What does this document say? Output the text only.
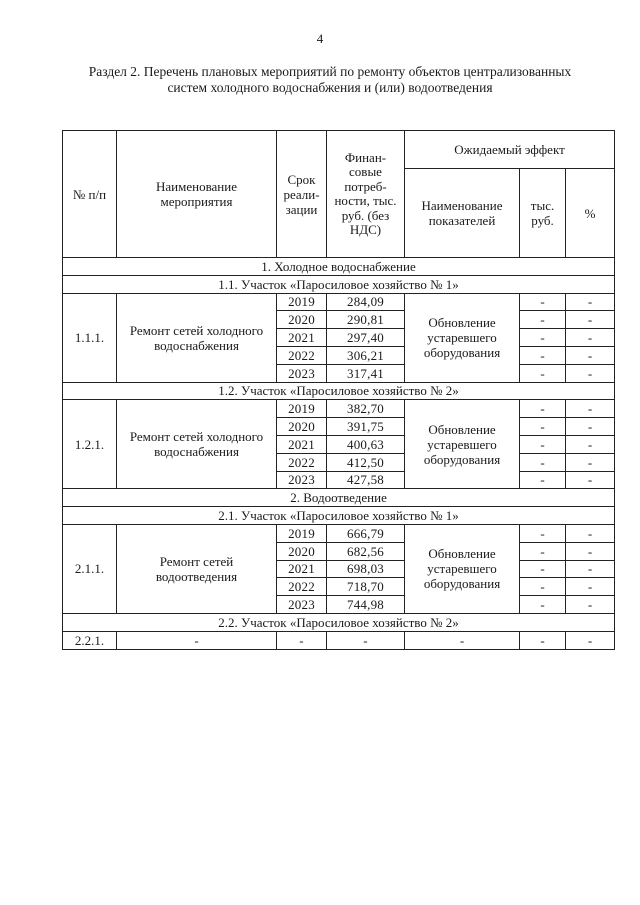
4
Раздел 2. Перечень плановых мероприятий по ремонту объектов централизованных систем холодного водоснабжения и (или) водоотведения
№ п/п	Наименование мероприятия	Срок реали-зации	Финан-совые потреб-ности, тыс. руб. (без НДС)	Ожидаемый эффект		
				Наименование показателей	тыс. руб.	%
1. Холодное водоснабжение						
1.1. Участок «Паросиловое хозяйство № 1»						
1.1.1.	Ремонт сетей холодного водоснабжения	2019	284,09	Обновление устаревшего оборудования	-	-
		2020	290,81		-	-
		2021	297,40		-	-
		2022	306,21		-	-
		2023	317,41		-	-
1.2. Участок «Паросиловое хозяйство № 2»						
1.2.1.	Ремонт сетей холодного водоснабжения	2019	382,70	Обновление устаревшего оборудования	-	-
		2020	391,75		-	-
		2021	400,63		-	-
		2022	412,50		-	-
		2023	427,58		-	-
2. Водоотведение						
2.1. Участок «Паросиловое хозяйство № 1»						
2.1.1.	Ремонт сетей водоотведения	2019	666,79	Обновление устаревшего оборудования	-	-
		2020	682,56		-	-
		2021	698,03		-	-
		2022	718,70		-	-
		2023	744,98		-	-
2.2. Участок «Паросиловое хозяйство № 2»						
2.2.1.	-	-	-	-	-	-
